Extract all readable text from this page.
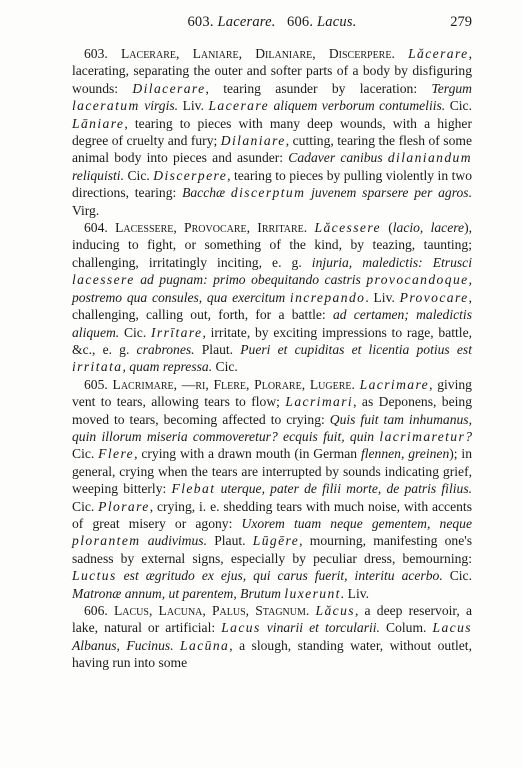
603. Lacerare. 606. Lacus.	279

603. Lacerare, Laniare, Dilaniare, Discerpere. Lăcerare, lacerating, separating the outer and softer parts of a body by disfiguring wounds: Dilacerare, tearing asunder by laceration: Tergum laceratum virgis. Liv. Lacerare aliquem verborum contumeliis. Cic. Lāniare, tearing to pieces with many deep wounds, with a higher degree of cruelty and fury; Dilaniare, cutting, tearing the flesh of some animal body into pieces and asunder: Cadaver canibus dilaniandum reliquisti. Cic. Discerpere, tearing to pieces by pulling violently in two directions, tearing: Bacchæ discerptum juvenem sparsere per agros. Virg.

604. Lacessere, Provocare, Irritare. Lăcessere (lacio, lacere), inducing to fight, or something of the kind, by teazing, taunting; challenging, irritatingly inciting, e. g. injuria, maledictis: Etrusci lacessere ad pugnam: primo obequitando castris provocandoque, postremo qua consules, qua exercitum increpando. Liv. Provocare, challenging, calling out, forth, for a battle: ad certamen; maledictis aliquem. Cic. Irrītare, irritate, by exciting impressions to rage, battle, &c., e. g. crabrones. Plaut. Pueri et cupiditas et licentia potius est irritata, quam repressa. Cic.

605. Lacrimare, —ri, Flere, Plorare, Lugere. Lacrimare, giving vent to tears, allowing tears to flow; Lacrimari, as Deponens, being moved to tears, becoming affected to crying: Quis fuit tam inhumanus, quin illorum miseria commoveretur? ecquis fuit, quin lacrimaretur? Cic. Flere, crying with a drawn mouth (in German flennen, greinen); in general, crying when the tears are interrupted by sounds indicating grief, weeping bitterly: Flebat uterque, pater de filii morte, de patris filius. Cic. Plorare, crying, i. e. shedding tears with much noise, with accents of great misery or agony: Uxorem tuam neque gementem, neque plorantem audivimus. Plaut. Lūgēre, mourning, manifesting one's sadness by external signs, especially by peculiar dress, bemourning: Luctus est ægritudo ex ejus, qui carus fuerit, interitu acerbo. Cic. Matronæ annum, ut parentem, Brutum luxerunt. Liv.

606. Lacus, Lacuna, Palus, Stagnum. Lăcus, a deep reservoir, a lake, natural or artificial: Lacus vinarii et torcularii. Colum. Lacus Albanus, Fucinus. Lacūna, a slough, standing water, without outlet, having run into some
